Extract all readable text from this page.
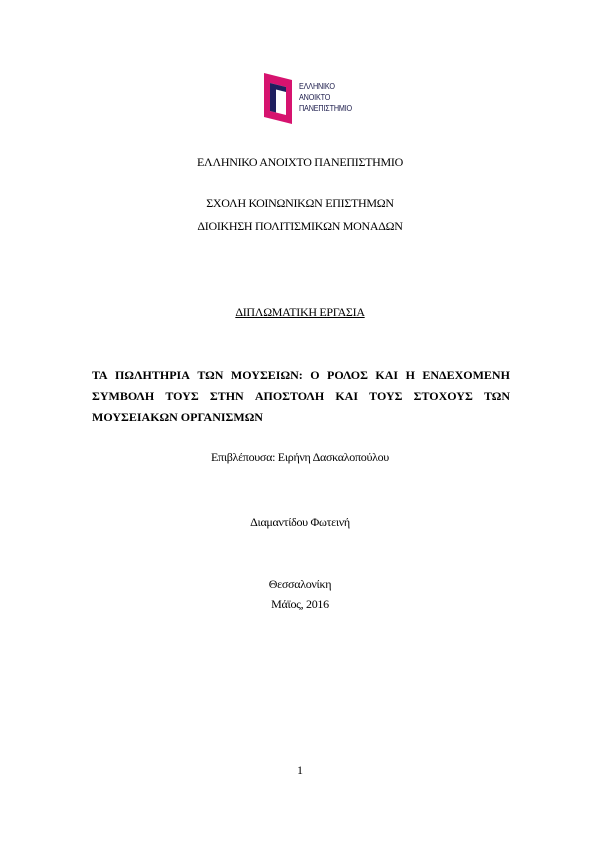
ΕΛΛΗΝΙΚΟ
ΑΝΟΙΚΤΟ
ΠΑΝΕΠΙΣΤΗΜΙΟ
ΕΛΛΗΝΙΚΟ ΑΝΟΙΧΤΟ ΠΑΝΕΠΙΣΤΗΜΙΟ
ΣΧΟΛΗ ΚΟΙΝΩΝΙΚΩΝ ΕΠΙΣΤΗΜΩΝ
ΔΙΟΙΚΗΣΗ ΠΟΛΙΤΙΣΜΙΚΩΝ ΜΟΝΑΔΩΝ
ΔΙΠΛΩΜΑΤΙΚΗ ΕΡΓΑΣΙΑ
ΤΑ ΠΩΛΗΤΗΡΙΑ ΤΩΝ ΜΟΥΣΕΙΩΝ: Ο ΡΟΛΟΣ ΚΑΙ Η ΕΝΔΕΧΟΜΕΝΗ
ΣΥΜΒΟΛΗ ΤΟΥΣ ΣΤΗΝ ΑΠΟΣΤΟΛΗ ΚΑΙ ΤΟΥΣ ΣΤΟΧΟΥΣ ΤΩΝ
ΜΟΥΣΕΙΑΚΩΝ ΟΡΓΑΝΙΣΜΩΝ
Επιβλέπουσα: Ειρήνη Δασκαλοπούλου
Διαμαντίδου Φωτεινή
Θεσσαλονίκη
Μάϊος, 2016
1
